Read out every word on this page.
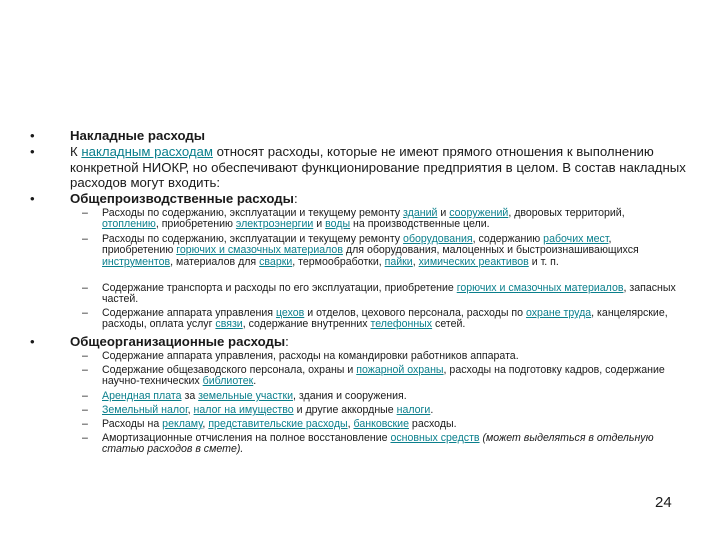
•	Накладные расходы
•	К накладным расходам относят расходы, которые не имеют прямого отношения к выполнению конкретной НИОКР, но обеспечивают функционирование предприятия в целом. В состав накладных расходов могут входить:
•	Общепроизводственные расходы:
–	Расходы по содержанию, эксплуатации и текущему ремонту зданий и сооружений, дворовых территорий, отоплению, приобретению электроэнергии и воды на производственные цели.
–	Расходы по содержанию, эксплуатации и текущему ремонту оборудования, содержанию рабочих мест, приобретению горючих и смазочных материалов для оборудования, малоценных и быстроизнашивающихся инструментов, материалов для сварки, термообработки, пайки, химических реактивов и т. п.
–	Содержание транспорта и расходы по его эксплуатации, приобретение горючих и смазочных материалов, запасных частей.
–	Содержание аппарата управления цехов и отделов, цехового персонала, расходы по охране труда, канцелярские, расходы, оплата услуг связи, содержание внутренних телефонных сетей.
•	Общеорганизационные расходы:
–	Содержание аппарата управления, расходы на командировки работников аппарата.
–	Содержание общезаводского персонала, охраны и пожарной охраны, расходы на подготовку кадров, содержание научно-технических библиотек.
–	Арендная плата за земельные участки, здания и сооружения.
–	Земельный налог, налог на имущество и другие аккордные налоги.
–	Расходы на рекламу, представительские расходы, банковские расходы.
–	Амортизационные отчисления на полное восстановление основных средств (может выделяться в отдельную статью расходов в смете).
24
